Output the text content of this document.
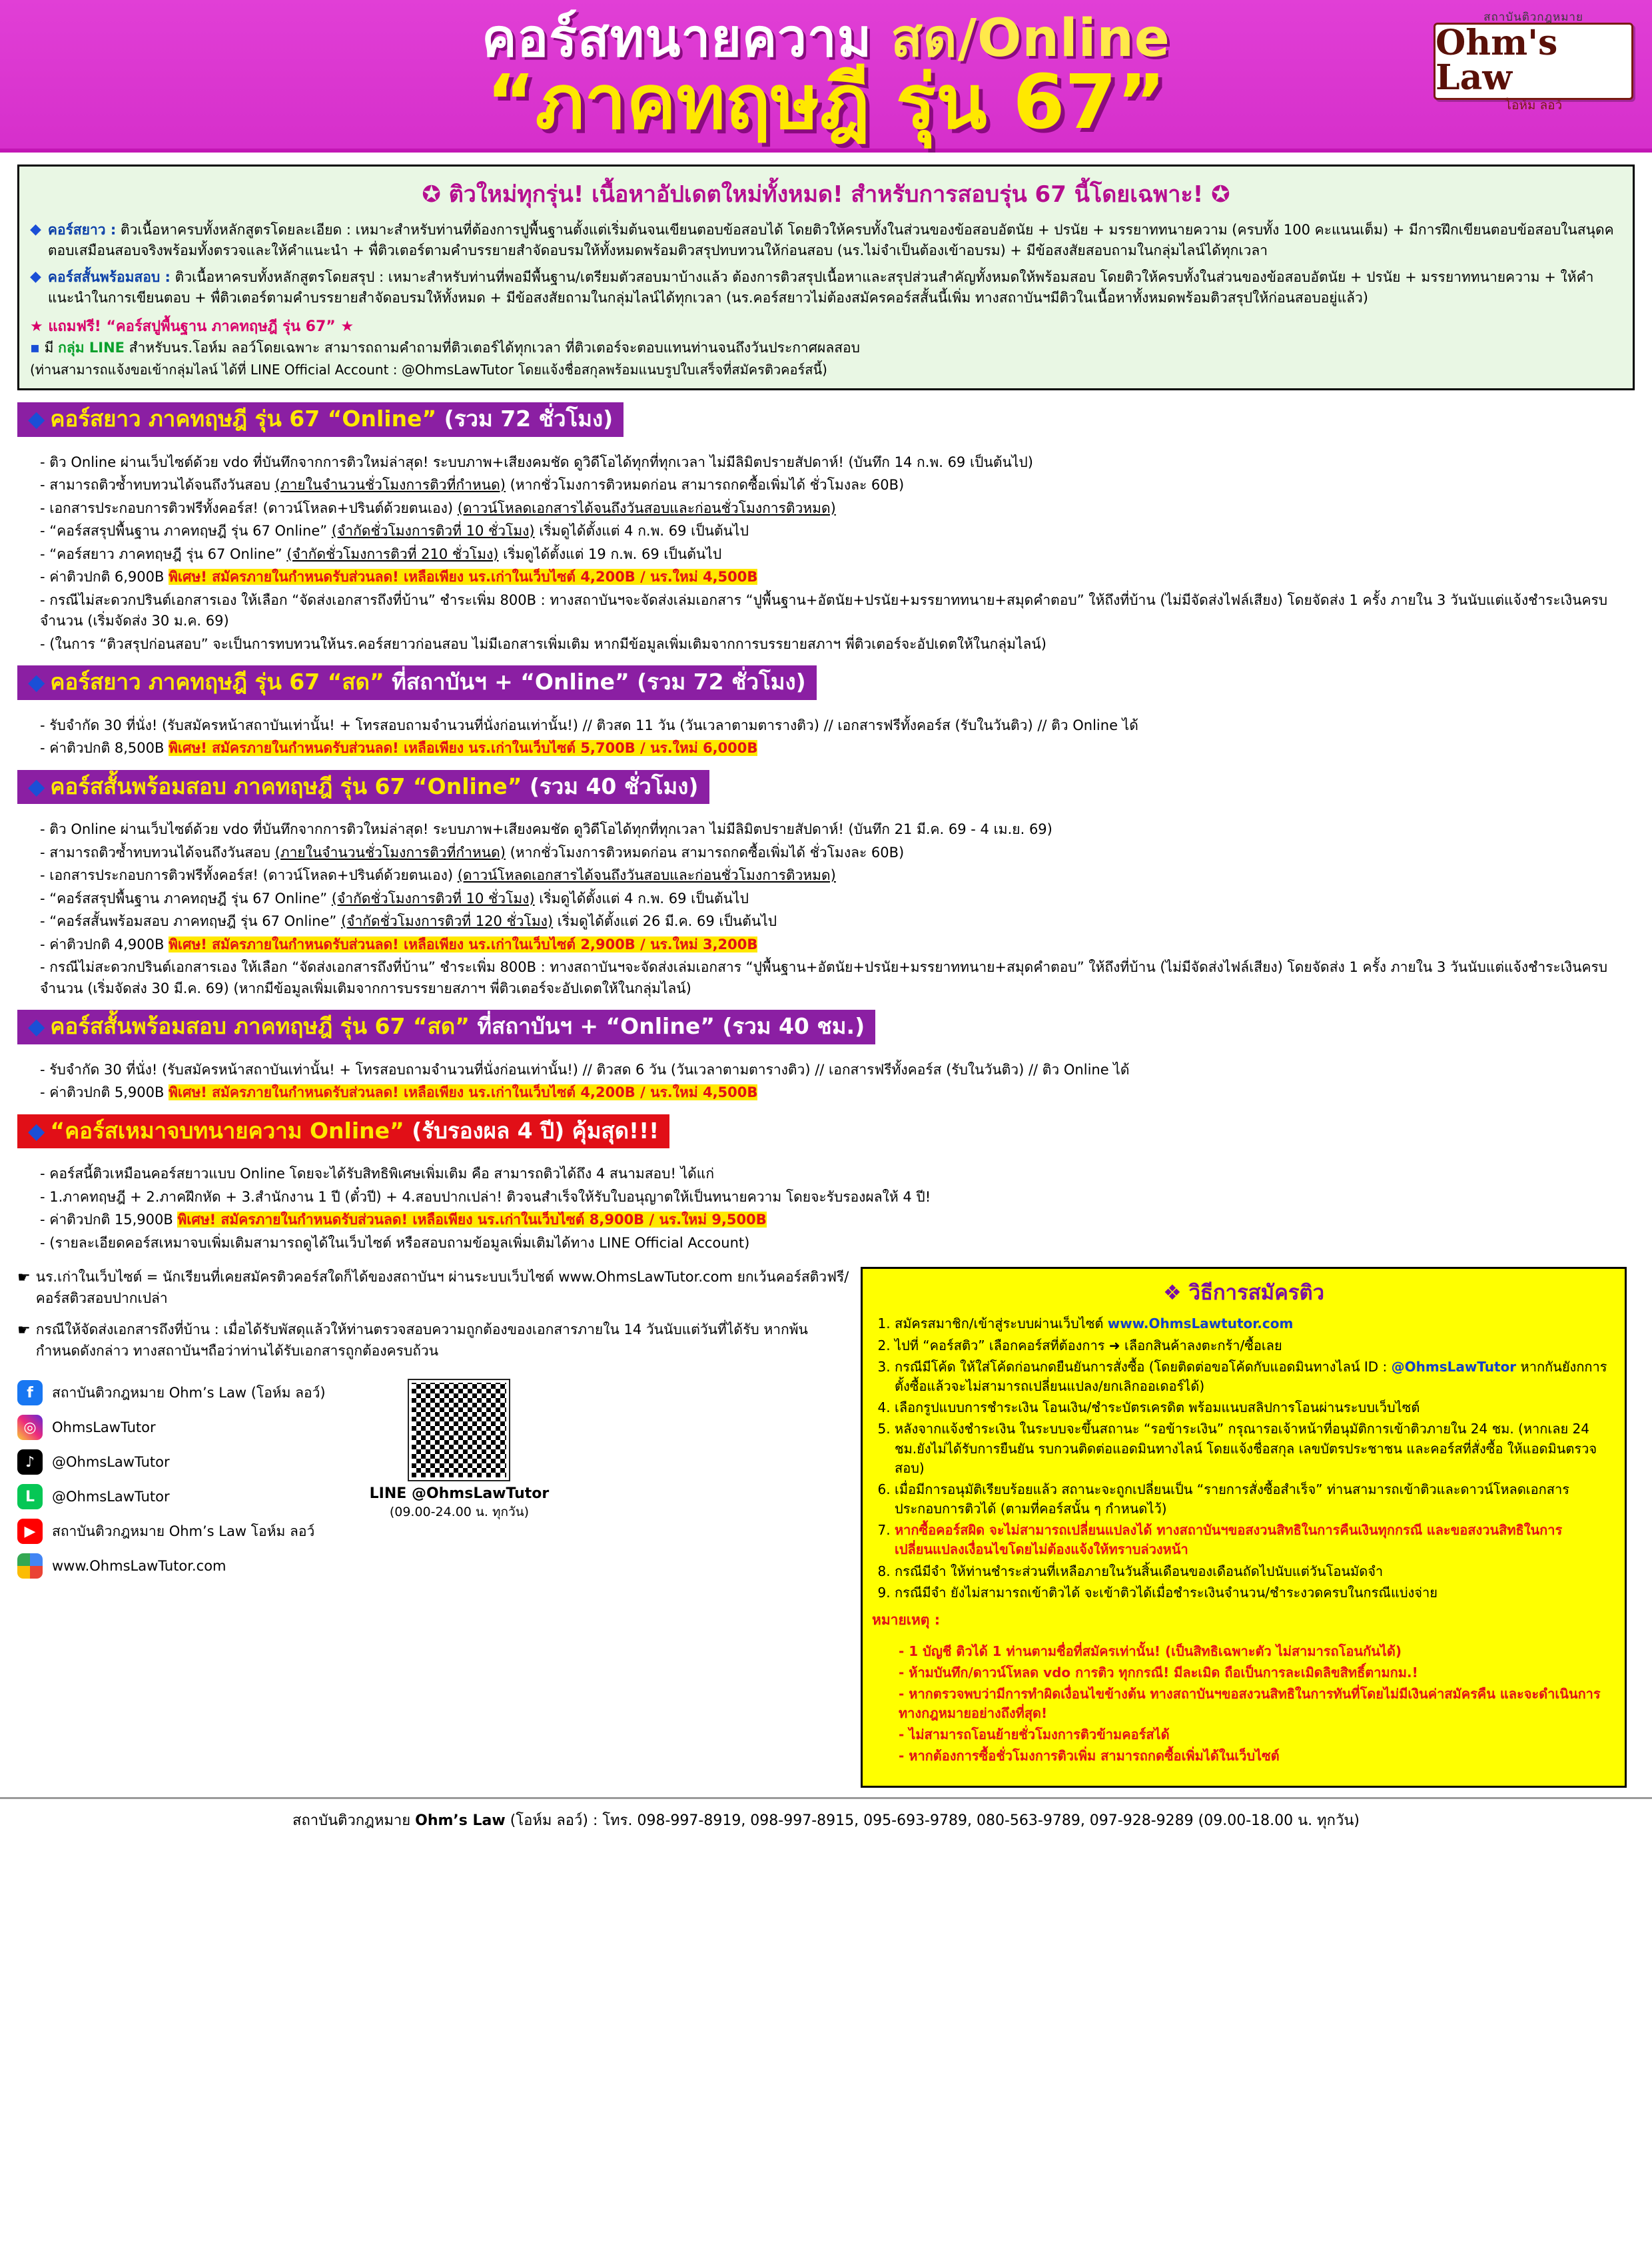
คอร์สทนายความ สด/Online
“ภาคทฤษฎี รุ่น 67”
สถาบันติวกฎหมาย
Ohm's Law
โอห์ม ลอว์
✪ ติวใหม่ทุกรุ่น! เนื้อหาอัปเดตใหม่ทั้งหมด! สำหรับการสอบรุ่น 67 นี้โดยเฉพาะ! ✪
◆ คอร์สยาว : ติวเนื้อหาครบทั้งหลักสูตรโดยละเอียด : เหมาะสำหรับท่านที่ต้องการปูพื้นฐานตั้งแต่เริ่มต้นจนเขียนตอบข้อสอบได้ โดยติวให้ครบทั้งในส่วนของข้อสอบอัตนัย + ปรนัย + มรรยาททนายความ (ครบทั้ง 100 คะแนนเต็ม) + มีการฝึกเขียนตอบข้อสอบในสนุดคตอบเสมือนสอบจริงพร้อมทั้งตรวจและให้คำแนะนำ + พื่ติวเตอร์ตามคำบรรยายสำจัดอบรมให้ทั้งหมดพร้อมติวสรุปทบทวนให้ก่อนสอบ (นร.ไม่จำเป็นต้องเข้าอบรม) + มีข้อสงสัยสอบถามในกลุ่มไลน์ได้ทุกเวลา
◆ คอร์สสั้นพร้อมสอบ : ติวเนื้อหาครบทั้งหลักสูตรโดยสรุป : เหมาะสำหรับท่านที่พอมีพื้นฐาน/เตรียมตัวสอบมาบ้างแล้ว ต้องการติวสรุปเนื้อหาและสรุปส่วนสำคัญทั้งหมดให้พร้อมสอบ โดยติวให้ครบทั้งในส่วนของข้อสอบอัตนัย + ปรนัย + มรรยาททนายความ + ให้คำแนะนำในการเขียนตอบ + พื่ติวเตอร์ตามคำบรรยายสำจัดอบรมให้ทั้งหมด + มีข้อสงสัยถามในกลุ่มไลน์ได้ทุกเวลา (นร.คอร์สยาวไม่ต้องสมัครคอร์สสั้นนี้เพิ่ม ทางสถาบันฯมีติวในเนื้อหาทั้งหมดพร้อมติวสรุปให้ก่อนสอบอยู่แล้ว)
★ แถมฟรี! “คอร์สปูพื้นฐาน ภาคทฤษฎี รุ่น 67” ★
▪ มี กลุ่ม LINE สำหรับนร.โอห์ม ลอว์โดยเฉพาะ สามารถถามคำถามที่ติวเตอร์ได้ทุกเวลา ที่ติวเตอร์จะตอบแทนท่านจนถึงวันประกาศผลสอบ
(ท่านสามารถแจ้งขอเข้ากลุ่มไลน์ ได้ที่ LINE Official Account : @OhmsLawTutor โดยแจ้งชื่อสกุลพร้อมแนบรูปใบเสร็จที่สมัครติวคอร์สนี้)
◆ คอร์สยาว ภาคทฤษฎี รุ่น 67 “Online” (รวม 72 ชั่วโมง)
- ติว Online ผ่านเว็บไซต์ด้วย vdo ที่บันทึกจากการติวใหม่ล่าสุด! ระบบภาพ+เสียงคมชัด ดูวิดีโอได้ทุกที่ทุกเวลา ไม่มีลิมิตปรายสัปดาห์! (บันทึก 14 ก.พ. 69 เป็นต้นไป)
- สามารถติวซ้ำทบทวนได้จนถึงวันสอบ (ภายในจำนวนชั่วโมงการติวที่กำหนด) (หากชั่วโมงการติวหมดก่อน สามารถกดซื้อเพิ่มได้ ชั่วโมงละ 60B)
- เอกสารประกอบการติวฟรีทั้งคอร์ส! (ดาวน์โหลด+ปรินต์ด้วยตนเอง) (ดาวน์โหลดเอกสารได้จนถึงวันสอบและก่อนชั่วโมงการติวหมด)
- “คอร์สสรุปพื้นฐาน ภาคทฤษฎี รุ่น 67 Online” (จำกัดชั่วโมงการติวที่ 10 ชั่วโมง) เริ่มดูได้ตั้งแต่ 4 ก.พ. 69 เป็นต้นไป
- “คอร์สยาว ภาคทฤษฎี รุ่น 67 Online” (จำกัดชั่วโมงการติวที่ 210 ชั่วโมง) เริ่มดูได้ตั้งแต่ 19 ก.พ. 69 เป็นต้นไป
- ค่าติวปกติ 6,900B พิเศษ! สมัครภายในกำหนดรับส่วนลด! เหลือเพียง นร.เก่าในเว็บไซต์ 4,200B / นร.ใหม่ 4,500B
- กรณีไม่สะดวกปรินต์เอกสารเอง ให้เลือก “จัดส่งเอกสารถึงที่บ้าน” ชำระเพิ่ม 800B : ทางสถาบันฯจะจัดส่งเล่มเอกสาร “ปูพื้นฐาน+อัตนัย+ปรนัย+มรรยาททนาย+สมุดคำตอบ” ให้ถึงที่บ้าน (ไม่มีจัดส่งไฟล์เสียง) โดยจัดส่ง 1 ครั้ง ภายใน 3 วันนับแต่แจ้งชำระเงินครบจำนวน (เริ่มจัดส่ง 30 ม.ค. 69)
- (ในการ “ติวสรุปก่อนสอบ” จะเป็นการทบทวนให้นร.คอร์สยาวก่อนสอบ ไม่มีเอกสารเพิ่มเติม หากมีข้อมูลเพิ่มเติมจากการบรรยายสภาฯ พี่ติวเตอร์จะอัปเดตให้ในกลุ่มไลน์)
◆ คอร์สยาว ภาคทฤษฎี รุ่น 67 “สด” ที่สถาบันฯ + “Online” (รวม 72 ชั่วโมง)
- รับจำกัด 30 ที่นั่ง! (รับสมัครหน้าสถาบันเท่านั้น! + โทรสอบถามจำนวนที่นั่งก่อนเท่านั้น!) // ติวสด 11 วัน (วันเวลาตามตารางติว) // เอกสารฟรีทั้งคอร์ส (รับในวันติว) // ติว Online ได้
- ค่าติวปกติ 8,500B พิเศษ! สมัครภายในกำหนดรับส่วนลด! เหลือเพียง นร.เก่าในเว็บไซต์ 5,700B / นร.ใหม่ 6,000B
◆ คอร์สสั้นพร้อมสอบ ภาคทฤษฎี รุ่น 67 “Online” (รวม 40 ชั่วโมง)
- ติว Online ผ่านเว็บไซต์ด้วย vdo ที่บันทึกจากการติวใหม่ล่าสุด! ระบบภาพ+เสียงคมชัด ดูวิดีโอได้ทุกที่ทุกเวลา ไม่มีลิมิตปรายสัปดาห์! (บันทึก 21 มี.ค. 69 - 4 เม.ย. 69)
- สามารถติวซ้ำทบทวนได้จนถึงวันสอบ (ภายในจำนวนชั่วโมงการติวที่กำหนด) (หากชั่วโมงการติวหมดก่อน สามารถกดซื้อเพิ่มได้ ชั่วโมงละ 60B)
- เอกสารประกอบการติวฟรีทั้งคอร์ส! (ดาวน์โหลด+ปรินต์ด้วยตนเอง) (ดาวน์โหลดเอกสารได้จนถึงวันสอบและก่อนชั่วโมงการติวหมด)
- “คอร์สสรุปพื้นฐาน ภาคทฤษฎี รุ่น 67 Online” (จำกัดชั่วโมงการติวที่ 10 ชั่วโมง) เริ่มดูได้ตั้งแต่ 4 ก.พ. 69 เป็นต้นไป
- “คอร์สสั้นพร้อมสอบ ภาคทฤษฎี รุ่น 67 Online” (จำกัดชั่วโมงการติวที่ 120 ชั่วโมง) เริ่มดูได้ตั้งแต่ 26 มี.ค. 69 เป็นต้นไป
- ค่าติวปกติ 4,900B พิเศษ! สมัครภายในกำหนดรับส่วนลด! เหลือเพียง นร.เก่าในเว็บไซต์ 2,900B / นร.ใหม่ 3,200B
- กรณีไม่สะดวกปรินต์เอกสารเอง ให้เลือก “จัดส่งเอกสารถึงที่บ้าน” ชำระเพิ่ม 800B : ทางสถาบันฯจะจัดส่งเล่มเอกสาร “ปูพื้นฐาน+อัตนัย+ปรนัย+มรรยาททนาย+สมุดคำตอบ” ให้ถึงที่บ้าน (ไม่มีจัดส่งไฟล์เสียง) โดยจัดส่ง 1 ครั้ง ภายใน 3 วันนับแต่แจ้งชำระเงินครบจำนวน (เริ่มจัดส่ง 30 มี.ค. 69) (หากมีข้อมูลเพิ่มเติมจากการบรรยายสภาฯ พี่ติวเตอร์จะอัปเดตให้ในกลุ่มไลน์)
◆ คอร์สสั้นพร้อมสอบ ภาคทฤษฎี รุ่น 67 “สด” ที่สถาบันฯ + “Online” (รวม 40 ชม.)
- รับจำกัด 30 ที่นั่ง! (รับสมัครหน้าสถาบันเท่านั้น! + โทรสอบถามจำนวนที่นั่งก่อนเท่านั้น!) // ติวสด 6 วัน (วันเวลาตามตารางติว) // เอกสารฟรีทั้งคอร์ส (รับในวันติว) // ติว Online ได้
- ค่าติวปกติ 5,900B พิเศษ! สมัครภายในกำหนดรับส่วนลด! เหลือเพียง นร.เก่าในเว็บไซต์ 4,200B / นร.ใหม่ 4,500B
◆ “คอร์สเหมาจบทนายความ Online” (รับรองผล 4 ปี) คุ้มสุด!!!
- คอร์สนี้ติวเหมือนคอร์สยาวแบบ Online โดยจะได้รับสิทธิพิเศษเพิ่มเติม คือ สามารถติวได้ถึง 4 สนามสอบ! ได้แก่
- 1.ภาคทฤษฎี + 2.ภาคฝึกหัด + 3.สำนักงาน 1 ปี (ตั๋วปี) + 4.สอบปากเปล่า! ติวจนสำเร็จให้รับใบอนุญาตให้เป็นทนายความ โดยจะรับรองผลให้ 4 ปี!
- ค่าติวปกติ 15,900B พิเศษ! สมัครภายในกำหนดรับส่วนลด! เหลือเพียง นร.เก่าในเว็บไซต์ 8,900B / นร.ใหม่ 9,500B
- (รายละเอียดคอร์สเหมาจบเพิ่มเติมสามารถดูได้ในเว็บไซต์ หรือสอบถามข้อมูลเพิ่มเติมได้ทาง LINE Official Account)
☛ นร.เก่าในเว็บไซต์ = นักเรียนที่เคยสมัครติวคอร์สใดก็ได้ของสถาบันฯ ผ่านระบบเว็บไซต์ www.OhmsLawTutor.com ยกเว้นคอร์สติวฟรี/คอร์สติวสอบปากเปล่า
☛ กรณีให้จัดส่งเอกสารถึงที่บ้าน : เมื่อได้รับพัสดุแล้วให้ท่านตรวจสอบความถูกต้องของเอกสารภายใน 14 วันนับแต่วันที่ได้รับ หากพ้นกำหนดดังกล่าว ทางสถาบันฯถือว่าท่านได้รับเอกสารถูกต้องครบถ้วน
f	สถาบันติวกฎหมาย Ohm’s Law (โอห์ม ลอว์)
◎	OhmsLawTutor
♪	@OhmsLawTutor
L	@OhmsLawTutor
▶	สถาบันติวกฎหมาย Ohm’s Law โอห์ม ลอว์
www.OhmsLawTutor.com
LINE @OhmsLawTutor
(09.00-24.00 น. ทุกวัน)
❖ วิธีการสมัครติว
1. สมัครสมาชิก/เข้าสู่ระบบผ่านเว็บไซต์ www.OhmsLawtutor.com
2. ไปที่ “คอร์สติว” เลือกคอร์สที่ต้องการ ➜ เลือกสินค้าลงตะกร้า/ซื้อเลย
3. กรณีมีโค้ด ให้ใส่โค้ดก่อนกดยืนยันการสั่งซื้อ (โดยติดต่อขอโค้ดกับแอดมินทางไลน์ ID : @OhmsLawTutor หากกันยังกการตั้งซื้อแล้วจะไม่สามารถเปลี่ยนแปลง/ยกเลิกออเดอร์ได้)
4. เลือกรูปแบบการชำระเงิน โอนเงิน/ชำระบัตรเครดิต พร้อมแนบสลิปการโอนผ่านระบบเว็บไซต์
5. หลังจากแจ้งชำระเงิน ในระบบจะขึ้นสถานะ “รอข้าระเงิน” กรุณารอเจ้าหน้าที่อนุมัติการเข้าติวภายใน 24 ชม. (หากเลย 24 ชม.ยังไม่ได้รับการยืนยัน รบกวนติดต่อแอดมินทางไลน์ โดยแจ้งชื่อสกุล เลขบัตรประชาชน และคอร์สที่สั่งซื้อ ให้แอดมินตรวจสอบ)
6. เมื่อมีการอนุมัติเรียบร้อยแล้ว สถานะจะถูกเปลี่ยนเป็น “รายการสั่งซื้อสำเร็จ” ท่านสามารถเข้าติวและดาวน์โหลดเอกสารประกอบการติวได้ (ตามที่คอร์สนั้น ๆ กำหนดไว้)
7. หากซื้อคอร์สผิด จะไม่สามารถเปลี่ยนแปลงได้ ทางสถาบันฯขอสงวนสิทธิในการคืนเงินทุกกรณี และขอสงวนสิทธิในการเปลี่ยนแปลงเงื่อนไขโดยไม่ต้องแจ้งให้ทราบล่วงหน้า
8. กรณีมีจำ ให้ท่านชำระส่วนที่เหลือภายในวันสิ้นเดือนของเดือนถัดไปนับแต่วันโอนมัดจำ
9. กรณีมีจำ ยังไม่สามารถเข้าติวได้ จะเข้าติวได้เมื่อชำระเงินจำนวน/ชำระงวดครบในกรณีแบ่งจ่าย
หมายเหตุ :
- 1 บัญชี ติวได้ 1 ท่านตามชื่อที่สมัครเท่านั้น! (เป็นสิทธิเฉพาะตัว ไม่สามารถโอนกันได้)
- ห้ามบันทึก/ดาวน์โหลด vdo การติว ทุกกรณี! มีละเมิด ถือเป็นการละเมิดลิขสิทธิ์ตามกม.!
- หากตรวจพบว่ามีการทำผิดเงื่อนไขข้างต้น ทางสถาบันฯขอสงวนสิทธิในการทันที่โดยไม่มีเงินค่าสมัครคืน และจะดำเนินการทางกฎหมายอย่างถึงที่สุด!
- ไม่สามารถโอนย้ายชั่วโมงการติวข้ามคอร์สได้
- หากต้องการซื้อชั่วโมงการติวเพิ่ม สามารถกดซื้อเพิ่มได้ในเว็บไซต์
สถาบันติวกฎหมาย Ohm’s Law (โอห์ม ลอว์) : โทร. 098-997-8919, 098-997-8915, 095-693-9789, 080-563-9789, 097-928-9289 (09.00-18.00 น. ทุกวัน)
